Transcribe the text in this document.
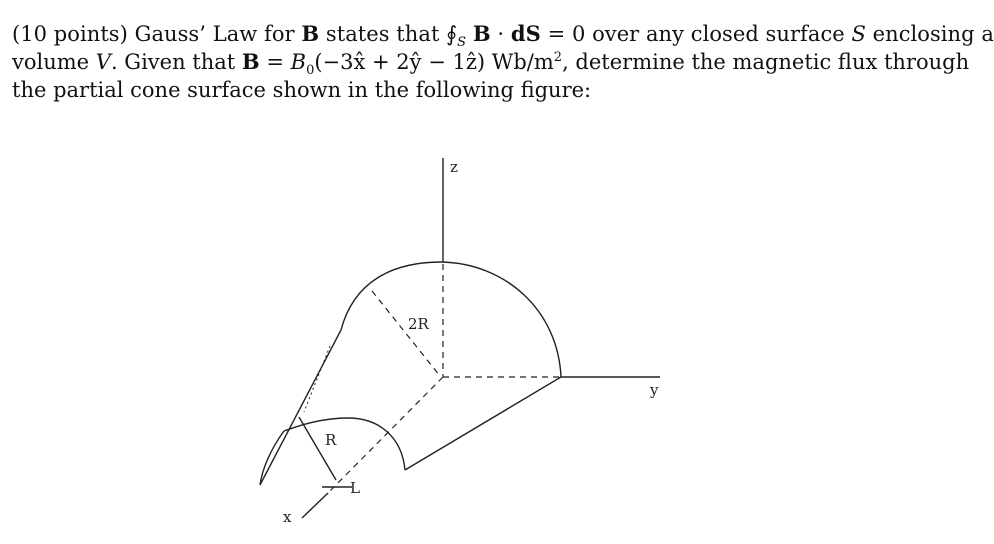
(10 points) Gauss’ Law for B states that $∮_S$ B · dS = 0 over any closed surface S enclosing a
volume V. Given that $B = B_0(-3x̂$ + 2ŷ − 1ẑ) $Wb/m^2$, determine the magnetic flux through
the partial cone surface shown in the following figure:
z
y
x
2R
R
L
